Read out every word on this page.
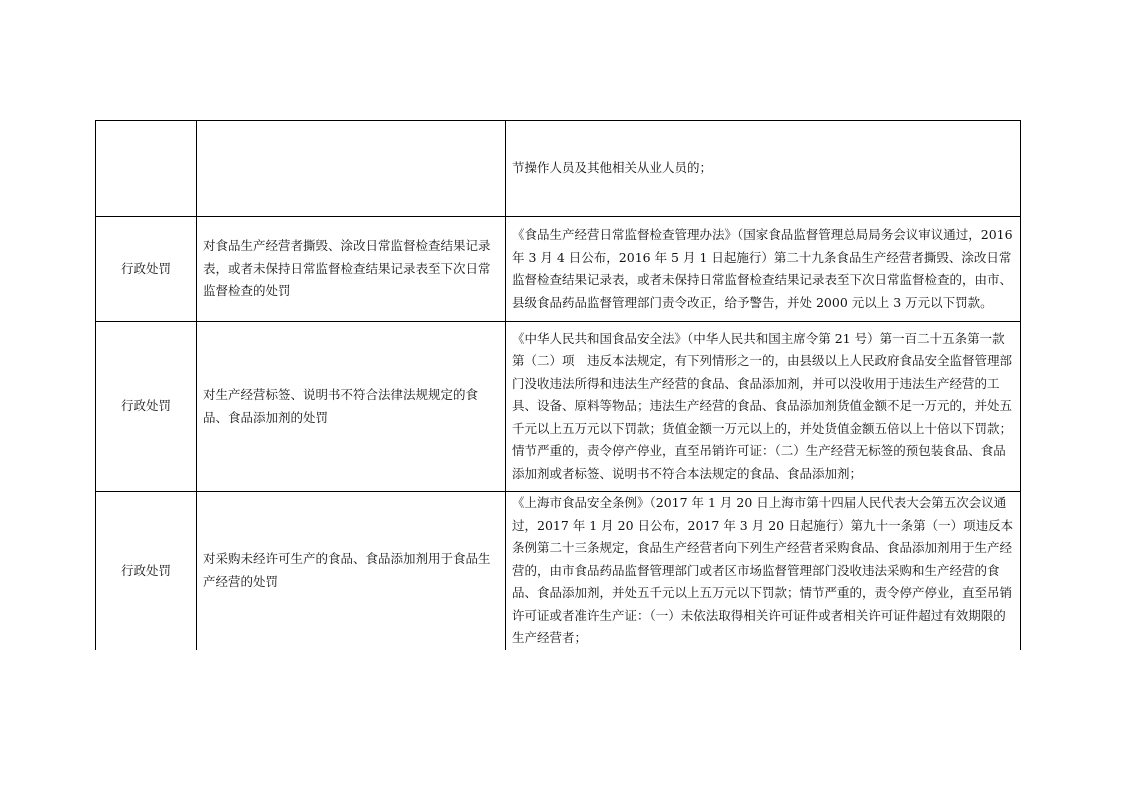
		节操作人员及其他相关从业人员的；
行政处罚	对食品生产经营者撕毁、涂改日常监督检查结果记录表，或者未保持日常监督检查结果记录表至下次日常监督检查的处罚	《食品生产经营日常监督检查管理办法》（国家食品监督管理总局局务会议审议通过，2016 年 3 月 4 日公布，2016 年 5 月 1 日起施行）第二十九条食品生产经营者撕毁、涂改日常监督检查结果记录表，或者未保持日常监督检查结果记录表至下次日常监督检查的，由市、县级食品药品监督管理部门责令改正，给予警告，并处 2000 元以上 3 万元以下罚款。
行政处罚	对生产经营标签、说明书不符合法律法规规定的食品、食品添加剂的处罚	《中华人民共和国食品安全法》（中华人民共和国主席令第 21 号）第一百二十五条第一款第（二）项　违反本法规定，有下列情形之一的，由县级以上人民政府食品安全监督管理部门没收违法所得和违法生产经营的食品、食品添加剂，并可以没收用于违法生产经营的工具、设备、原料等物品；违法生产经营的食品、食品添加剂货值金额不足一万元的，并处五千元以上五万元以下罚款；货值金额一万元以上的，并处货值金额五倍以上十倍以下罚款；情节严重的，责令停产停业，直至吊销许可证：（二）生产经营无标签的预包装食品、食品添加剂或者标签、说明书不符合本法规定的食品、食品添加剂；
行政处罚	对采购未经许可生产的食品、食品添加剂用于食品生产经营的处罚	《上海市食品安全条例》（2017 年 1 月 20 日上海市第十四届人民代表大会第五次会议通过，2017 年 1 月 20 日公布，2017 年 3 月 20 日起施行）第九十一条第（一）项违反本条例第二十三条规定，食品生产经营者向下列生产经营者采购食品、食品添加剂用于生产经营的，由市食品药品监督管理部门或者区市场监督管理部门没收违法采购和生产经营的食品、食品添加剂，并处五千元以上五万元以下罚款；情节严重的，责令停产停业，直至吊销许可证或者准许生产证：（一）未依法取得相关许可证件或者相关许可证件超过有效期限的生产经营者；
